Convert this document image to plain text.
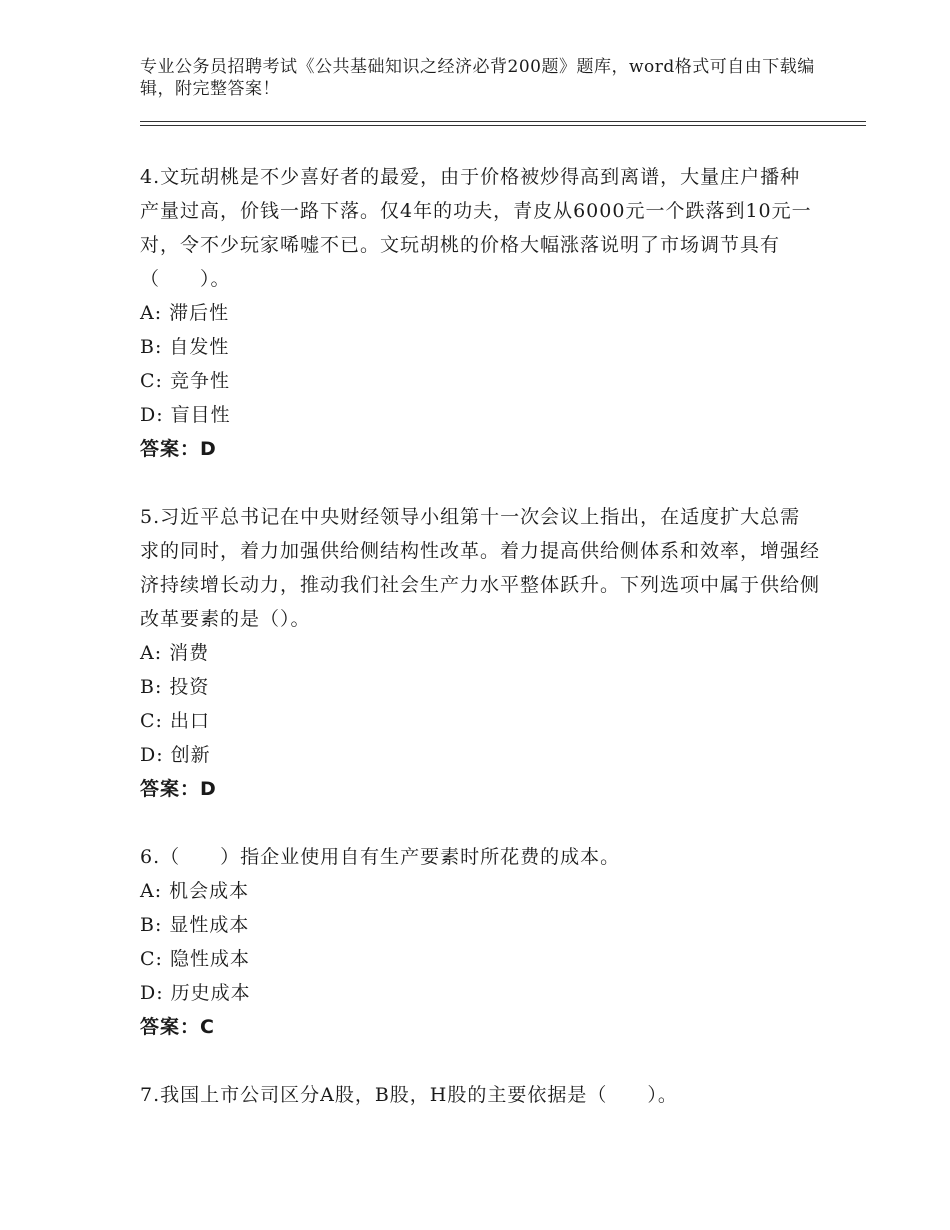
专业公务员招聘考试《公共基础知识之经济必背200题》题库，word格式可自由下载编辑，附完整答案！
4.文玩胡桃是不少喜好者的最爱，由于价格被炒得高到离谱，大量庄户播种产量过高，价钱一路下落。仅4年的功夫，青皮从6000元一个跌落到10元一对，令不少玩家唏嘘不已。文玩胡桃的价格大幅涨落说明了市场调节具有（　　）。
A: 滞后性
B: 自发性
C: 竞争性
D: 盲目性
答案：D
5.习近平总书记在中央财经领导小组第十一次会议上指出，在适度扩大总需求的同时，着力加强供给侧结构性改革。着力提高供给侧体系和效率，增强经济持续增长动力，推动我们社会生产力水平整体跃升。下列选项中属于供给侧改革要素的是（）。
A: 消费
B: 投资
C: 出口
D: 创新
答案：D
6.（　　）指企业使用自有生产要素时所花费的成本。
A: 机会成本
B: 显性成本
C: 隐性成本
D: 历史成本
答案：C
7.我国上市公司区分A股，B股，H股的主要依据是（　　）。
